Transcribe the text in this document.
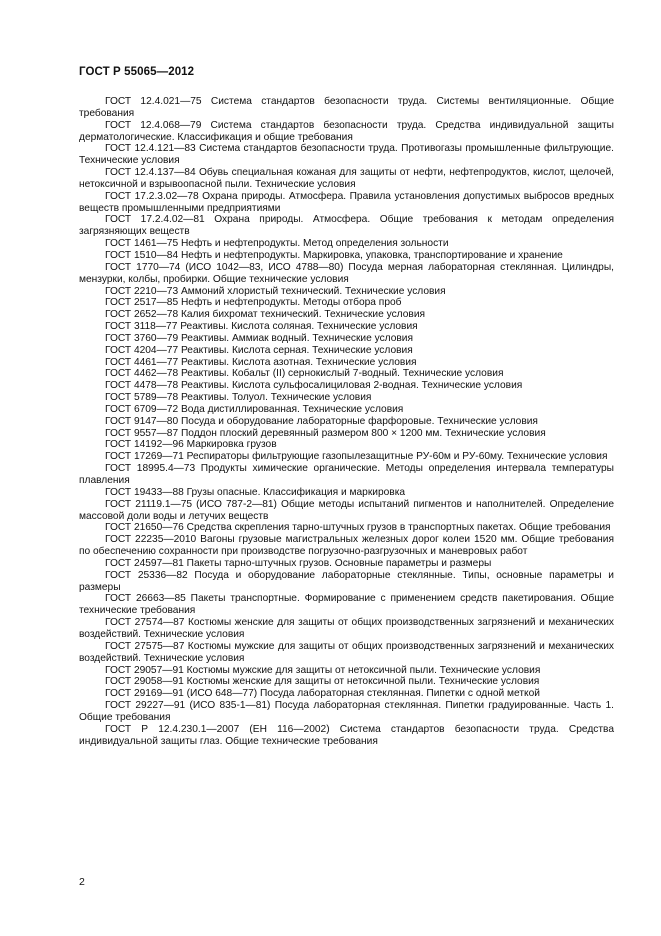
ГОСТ Р 55065—2012

ГОСТ 12.4.021—75 Система стандартов безопасности труда. Системы вентиляционные. Общие требования

ГОСТ 12.4.068—79 Система стандартов безопасности труда. Средства индивидуальной защиты дерматологические. Классификация и общие требования

ГОСТ 12.4.121—83 Система стандартов безопасности труда. Противогазы промышленные фильтрующие. Технические условия

ГОСТ 12.4.137—84 Обувь специальная кожаная для защиты от нефти, нефтепродуктов, кислот, щелочей, нетоксичной и взрывоопасной пыли. Технические условия

ГОСТ 17.2.3.02—78 Охрана природы. Атмосфера. Правила установления допустимых выбросов вредных веществ промышленными предприятиями

ГОСТ 17.2.4.02—81 Охрана природы. Атмосфера. Общие требования к методам определения загрязняющих веществ

ГОСТ 1461—75 Нефть и нефтепродукты. Метод определения зольности

ГОСТ 1510—84 Нефть и нефтепродукты. Маркировка, упаковка, транспортирование и хранение

ГОСТ 1770—74 (ИСО 1042—83, ИСО 4788—80) Посуда мерная лабораторная стеклянная. Цилиндры, мензурки, колбы, пробирки. Общие технические условия

ГОСТ 2210—73 Аммоний хлористый технический. Технические условия

ГОСТ 2517—85 Нефть и нефтепродукты. Методы отбора проб

ГОСТ 2652—78 Калия бихромат технический. Технические условия

ГОСТ 3118—77 Реактивы. Кислота соляная. Технические условия

ГОСТ 3760—79 Реактивы. Аммиак водный. Технические условия

ГОСТ 4204—77 Реактивы. Кислота серная. Технические условия

ГОСТ 4461—77 Реактивы. Кислота азотная. Технические условия

ГОСТ 4462—78 Реактивы. Кобальт (II) сернокислый 7-водный. Технические условия

ГОСТ 4478—78 Реактивы. Кислота сульфосалициловая 2-водная. Технические условия

ГОСТ 5789—78 Реактивы. Толуол. Технические условия

ГОСТ 6709—72 Вода дистиллированная. Технические условия

ГОСТ 9147—80 Посуда и оборудование лабораторные фарфоровые. Технические условия

ГОСТ 9557—87 Поддон плоский деревянный размером 800 × 1200 мм. Технические условия

ГОСТ 14192—96 Маркировка грузов

ГОСТ 17269—71 Респираторы фильтрующие газопылезащитные РУ-60м и РУ-60му. Технические условия

ГОСТ 18995.4—73 Продукты химические органические. Методы определения интервала температуры плавления

ГОСТ 19433—88 Грузы опасные. Классификация и маркировка

ГОСТ 21119.1—75 (ИСО 787-2—81) Общие методы испытаний пигментов и наполнителей. Определение массовой доли воды и летучих веществ

ГОСТ 21650—76 Средства скрепления тарно-штучных грузов в транспортных пакетах. Общие требования

ГОСТ 22235—2010 Вагоны грузовые магистральных железных дорог колеи 1520 мм. Общие требования по обеспечению сохранности при производстве погрузочно-разгрузочных и маневровых работ

ГОСТ 24597—81 Пакеты тарно-штучных грузов. Основные параметры и размеры

ГОСТ 25336—82 Посуда и оборудование лабораторные стеклянные. Типы, основные параметры и размеры

ГОСТ 26663—85 Пакеты транспортные. Формирование с применением средств пакетирования. Общие технические требования

ГОСТ 27574—87 Костюмы женские для защиты от общих производственных загрязнений и механических воздействий. Технические условия

ГОСТ 27575—87 Костюмы мужские для защиты от общих производственных загрязнений и механических воздействий. Технические условия

ГОСТ 29057—91 Костюмы мужские для защиты от нетоксичной пыли. Технические условия

ГОСТ 29058—91 Костюмы женские для защиты от нетоксичной пыли. Технические условия

ГОСТ 29169—91 (ИСО 648—77) Посуда лабораторная стеклянная. Пипетки с одной меткой

ГОСТ 29227—91 (ИСО 835-1—81) Посуда лабораторная стеклянная. Пипетки градуированные. Часть 1. Общие требования

ГОСТ Р 12.4.230.1—2007 (ЕН 116—2002) Система стандартов безопасности труда. Средства индивидуальной защиты глаз. Общие технические требования

2
